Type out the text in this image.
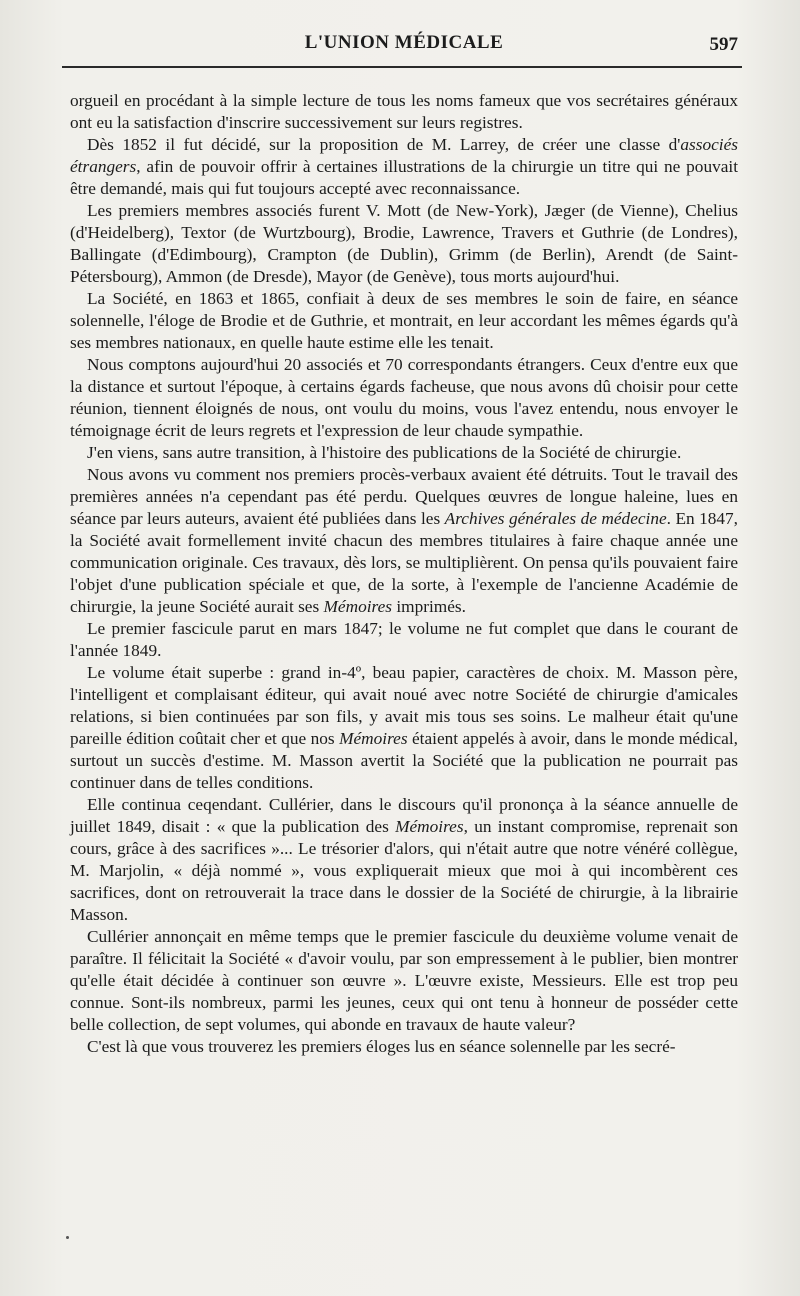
L'UNION MÉDICALE	597

orgueil en procédant à la simple lecture de tous les noms fameux que vos secrétaires généraux ont eu la satisfaction d'inscrire successivement sur leurs registres.

Dès 1852 il fut décidé, sur la proposition de M. Larrey, de créer une classe d'associés étrangers, afin de pouvoir offrir à certaines illustrations de la chirurgie un titre qui ne pouvait être demandé, mais qui fut toujours accepté avec reconnaissance.

Les premiers membres associés furent V. Mott (de New-York), Jæger (de Vienne), Chelius (d'Heidelberg), Textor (de Wurtzbourg), Brodie, Lawrence, Travers et Guthrie (de Londres), Ballingate (d'Edimbourg), Crampton (de Dublin), Grimm (de Berlin), Arendt (de Saint-Pétersbourg), Ammon (de Dresde), Mayor (de Genève), tous morts aujourd'hui.

La Société, en 1863 et 1865, confiait à deux de ses membres le soin de faire, en séance solennelle, l'éloge de Brodie et de Guthrie, et montrait, en leur accordant les mêmes égards qu'à ses membres nationaux, en quelle haute estime elle les tenait.

Nous comptons aujourd'hui 20 associés et 70 correspondants étrangers. Ceux d'entre eux que la distance et surtout l'époque, à certains égards facheuse, que nous avons dû choisir pour cette réunion, tiennent éloignés de nous, ont voulu du moins, vous l'avez entendu, nous envoyer le témoignage écrit de leurs regrets et l'expression de leur chaude sympathie.

J'en viens, sans autre transition, à l'histoire des publications de la Société de chirurgie.

Nous avons vu comment nos premiers procès-verbaux avaient été détruits. Tout le travail des premières années n'a cependant pas été perdu. Quelques œuvres de longue haleine, lues en séance par leurs auteurs, avaient été publiées dans les Archives générales de médecine. En 1847, la Société avait formellement invité chacun des membres titulaires à faire chaque année une communication originale. Ces travaux, dès lors, se multiplièrent. On pensa qu'ils pouvaient faire l'objet d'une publication spéciale et que, de la sorte, à l'exemple de l'ancienne Académie de chirurgie, la jeune Société aurait ses Mémoires imprimés.

Le premier fascicule parut en mars 1847; le volume ne fut complet que dans le courant de l'année 1849.

Le volume était superbe : grand in-4º, beau papier, caractères de choix. M. Masson père, l'intelligent et complaisant éditeur, qui avait noué avec notre Société de chirurgie d'amicales relations, si bien continuées par son fils, y avait mis tous ses soins. Le malheur était qu'une pareille édition coûtait cher et que nos Mémoires étaient appelés à avoir, dans le monde médical, surtout un succès d'estime. M. Masson avertit la Société que la publication ne pourrait pas continuer dans de telles conditions.

Elle continua ceqendant. Cullérier, dans le discours qu'il prononça à la séance annuelle de juillet 1849, disait : « que la publication des Mémoires, un instant compromise, reprenait son cours, grâce à des sacrifices »... Le trésorier d'alors, qui n'était autre que notre vénéré collègue, M. Marjolin, « déjà nommé », vous expliquerait mieux que moi à qui incombèrent ces sacrifices, dont on retrouverait la trace dans le dossier de la Société de chirurgie, à la librairie Masson.

Cullérier annonçait en même temps que le premier fascicule du deuxième volume venait de paraître. Il félicitait la Société « d'avoir voulu, par son empressement à le publier, bien montrer qu'elle était décidée à continuer son œuvre ». L'œuvre existe, Messieurs. Elle est trop peu connue. Sont-ils nombreux, parmi les jeunes, ceux qui ont tenu à honneur de posséder cette belle collection, de sept volumes, qui abonde en travaux de haute valeur?

C'est là que vous trouverez les premiers éloges lus en séance solennelle par les secré-
